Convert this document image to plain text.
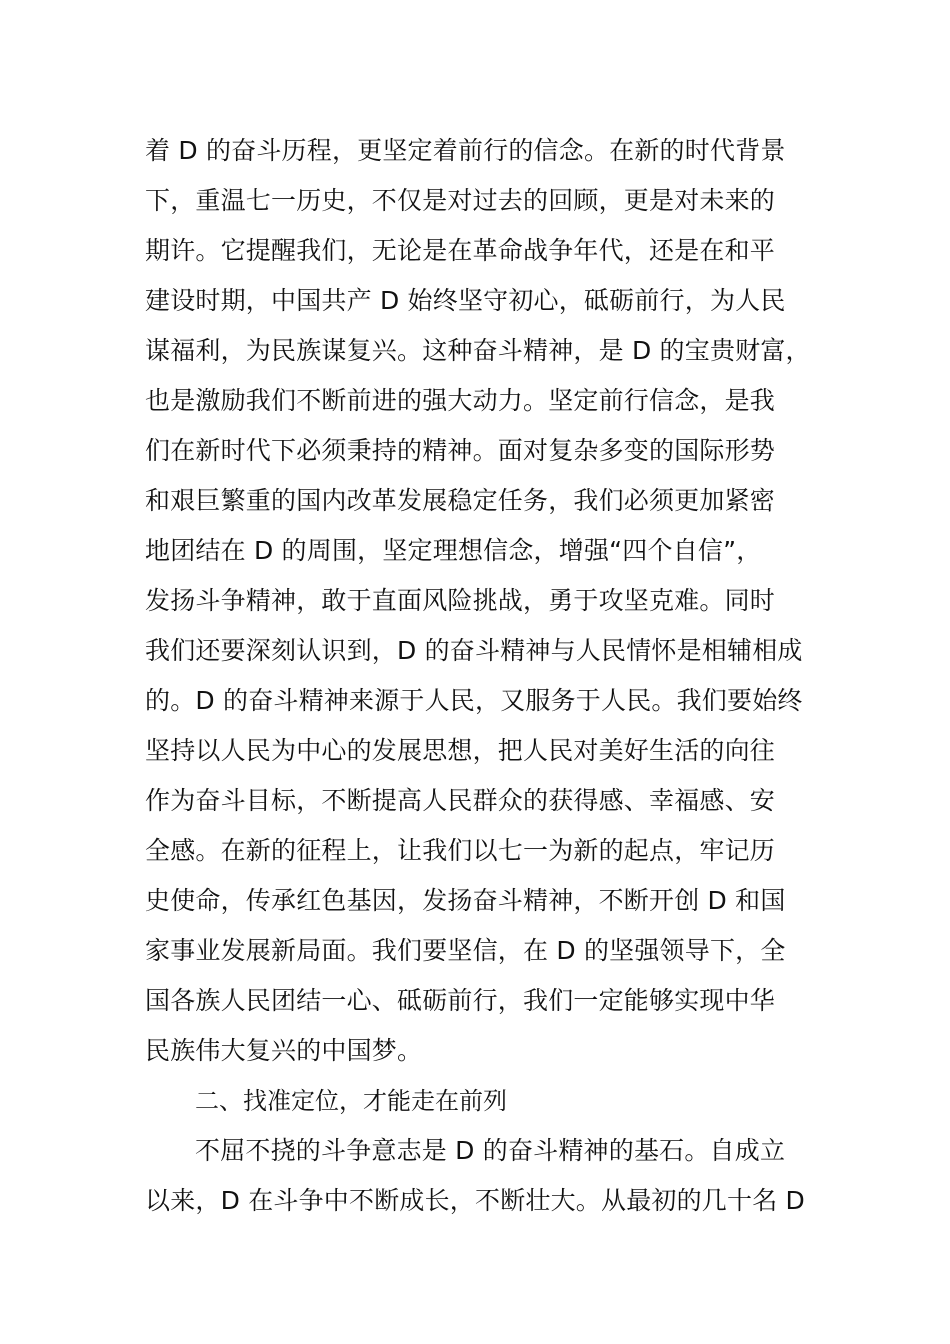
着 D 的奋斗历程，更坚定着前行的信念。在新的时代背景
下，重温七一历史，不仅是对过去的回顾，更是对未来的
期许。它提醒我们，无论是在革命战争年代，还是在和平
建设时期，中国共产 D 始终坚守初心，砥砺前行，为人民
谋福利，为民族谋复兴。这种奋斗精神，是 D 的宝贵财富，
也是激励我们不断前进的强大动力。坚定前行信念，是我
们在新时代下必须秉持的精神。面对复杂多变的国际形势
和艰巨繁重的国内改革发展稳定任务，我们必须更加紧密
地团结在 D 的周围，坚定理想信念，增强“四个自信”，
发扬斗争精神，敢于直面风险挑战，勇于攻坚克难。同时
我们还要深刻认识到，D 的奋斗精神与人民情怀是相辅相成
的。D 的奋斗精神来源于人民，又服务于人民。我们要始终
坚持以人民为中心的发展思想，把人民对美好生活的向往
作为奋斗目标，不断提高人民群众的获得感、幸福感、安
全感。在新的征程上，让我们以七一为新的起点，牢记历
史使命，传承红色基因，发扬奋斗精神，不断开创 D 和国
家事业发展新局面。我们要坚信，在 D 的坚强领导下，全
国各族人民团结一心、砥砺前行，我们一定能够实现中华
民族伟大复兴的中国梦。
二、找准定位，才能走在前列
不屈不挠的斗争意志是 D 的奋斗精神的基石。自成立
以来，D 在斗争中不断成长，不断壮大。从最初的几十名 D
